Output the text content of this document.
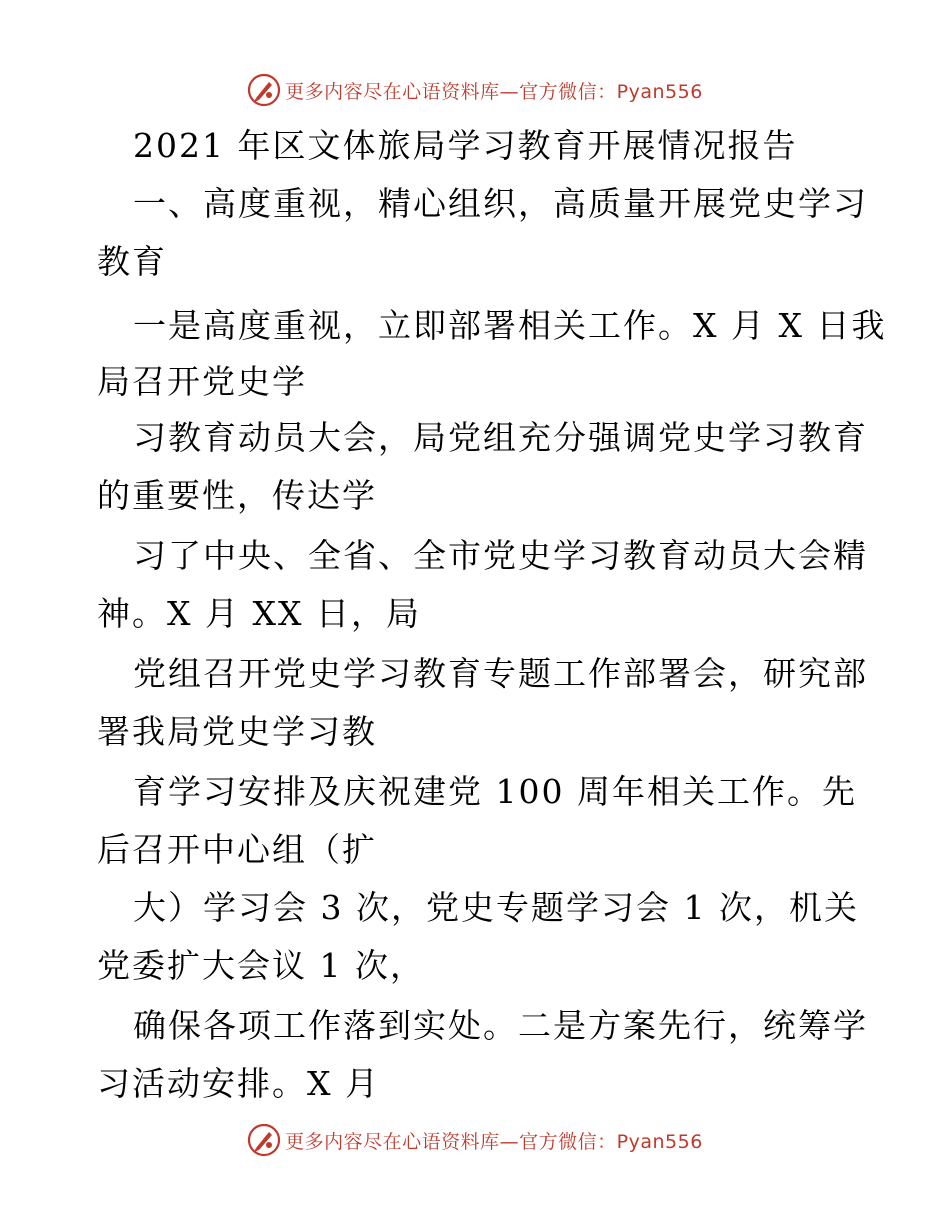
更多内容尽在心语资料库—官方微信：Pyan556
2021 年区文体旅局学习教育开展情况报告
一、高度重视，精心组织，高质量开展党史学习
教育
一是高度重视，立即部署相关工作。X 月 X 日我
局召开党史学
习教育动员大会，局党组充分强调党史学习教育
的重要性，传达学
习了中央、全省、全市党史学习教育动员大会精
神。X 月 XX 日，局
党组召开党史学习教育专题工作部署会，研究部
署我局党史学习教
育学习安排及庆祝建党 100 周年相关工作。先
后召开中心组（扩
大）学习会 3 次，党史专题学习会 1 次，机关
党委扩大会议 1 次，
确保各项工作落到实处。二是方案先行，统筹学
习活动安排。X 月
更多内容尽在心语资料库—官方微信：Pyan556
